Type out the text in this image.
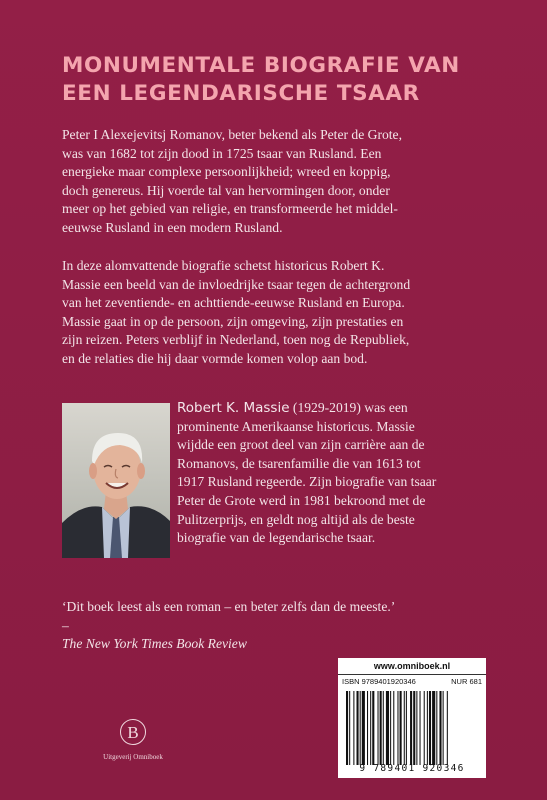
MONUMENTALE BIOGRAFIE VAN
EEN LEGENDARISCHE TSAAR

Peter I Alexejevitsj Romanov, beter bekend als Peter de Grote,
was van 1682 tot zijn dood in 1725 tsaar van Rusland. Een
energieke maar complexe persoonlijkheid; wreed en koppig,
doch genereus. Hij voerde tal van hervormingen door, onder
meer op het gebied van religie, en transformeerde het middel-
eeuwse Rusland in een modern Rusland.

In deze alomvattende biografie schetst historicus Robert K.
Massie een beeld van de invloedrijke tsaar tegen de achtergrond
van het zeventiende- en achttiende-eeuwse Rusland en Europa.
Massie gaat in op de persoon, zijn omgeving, zijn prestaties en
zijn reizen. Peters verblijf in Nederland, toen nog de Republiek,
en de relaties die hij daar vormde komen volop aan bod.

Robert K. Massie (1929-2019) was een
prominente Amerikaanse historicus. Massie
wijdde een groot deel van zijn carrière aan de
Romanovs, de tsarenfamilie die van 1613 tot
1917 Rusland regeerde. Zijn biografie van tsaar
Peter de Grote werd in 1981 bekroond met de
Pulitzerprijs, en geldt nog altijd als de beste
biografie van de legendarische tsaar.

‘Dit boek leest als een roman – en beter zelfs dan de meeste.’
–
The New York Times Book Review

B
Uitgeverij Omniboek
www.omniboek.nl
ISBN 9789401920346	NUR 681
9 789401 920346
